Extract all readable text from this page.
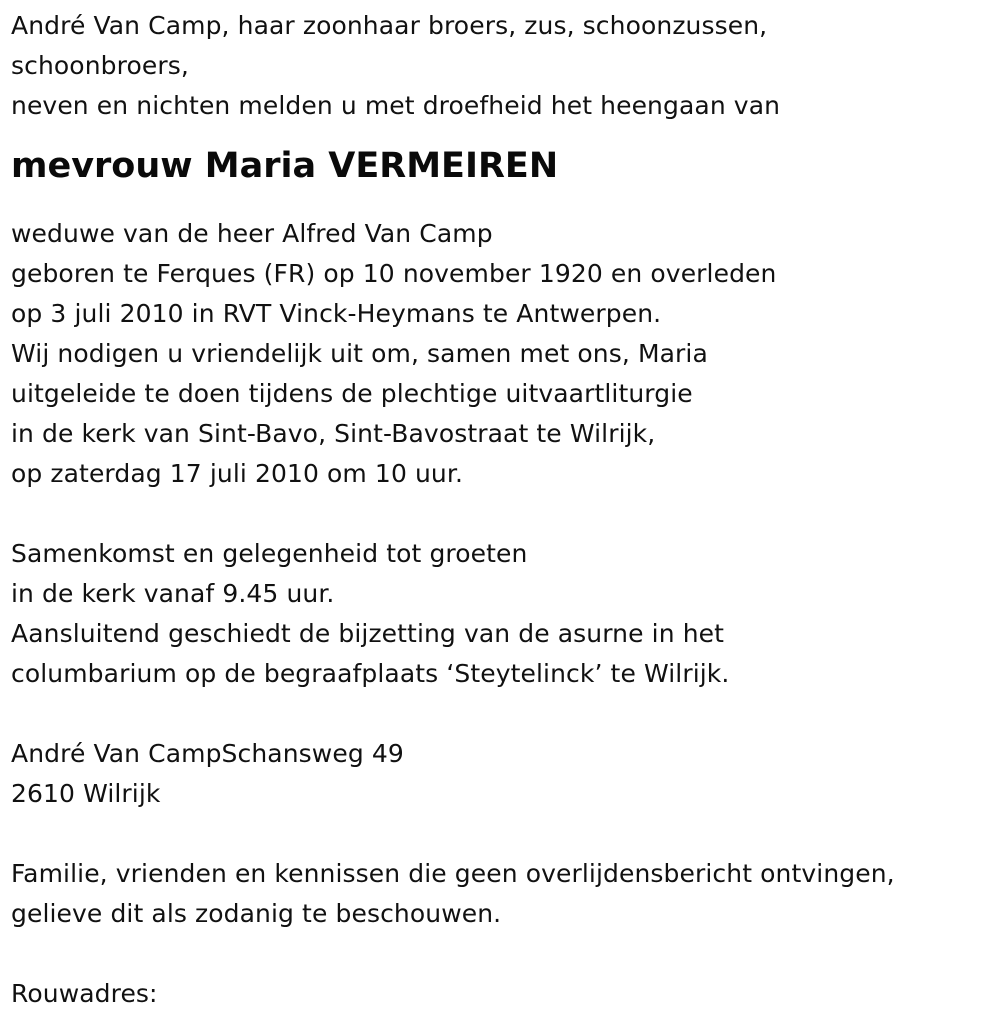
André Van Camp, haar zoonhaar broers, zus, schoonzussen,
schoonbroers,
neven en nichten melden u met droefheid het heengaan van
mevrouw Maria VERMEIREN
weduwe van de heer Alfred Van Camp
geboren te Ferques (FR) op 10 november 1920 en overleden
op 3 juli 2010 in RVT Vinck-Heymans te Antwerpen.
Wij nodigen u vriendelijk uit om, samen met ons, Maria
uitgeleide te doen tijdens de plechtige uitvaartliturgie
in de kerk van Sint-Bavo, Sint-Bavostraat te Wilrijk,
op zaterdag 17 juli 2010 om 10 uur.
Samenkomst en gelegenheid tot groeten
in de kerk vanaf 9.45 uur.
Aansluitend geschiedt de bijzetting van de asurne in het
columbarium op de begraafplaats ‘Steytelinck’ te Wilrijk.
André Van CampSchansweg 49
2610 Wilrijk
Familie, vrienden en kennissen die geen overlijdensbericht ontvingen,
gelieve dit als zodanig te beschouwen.
Rouwadres:
